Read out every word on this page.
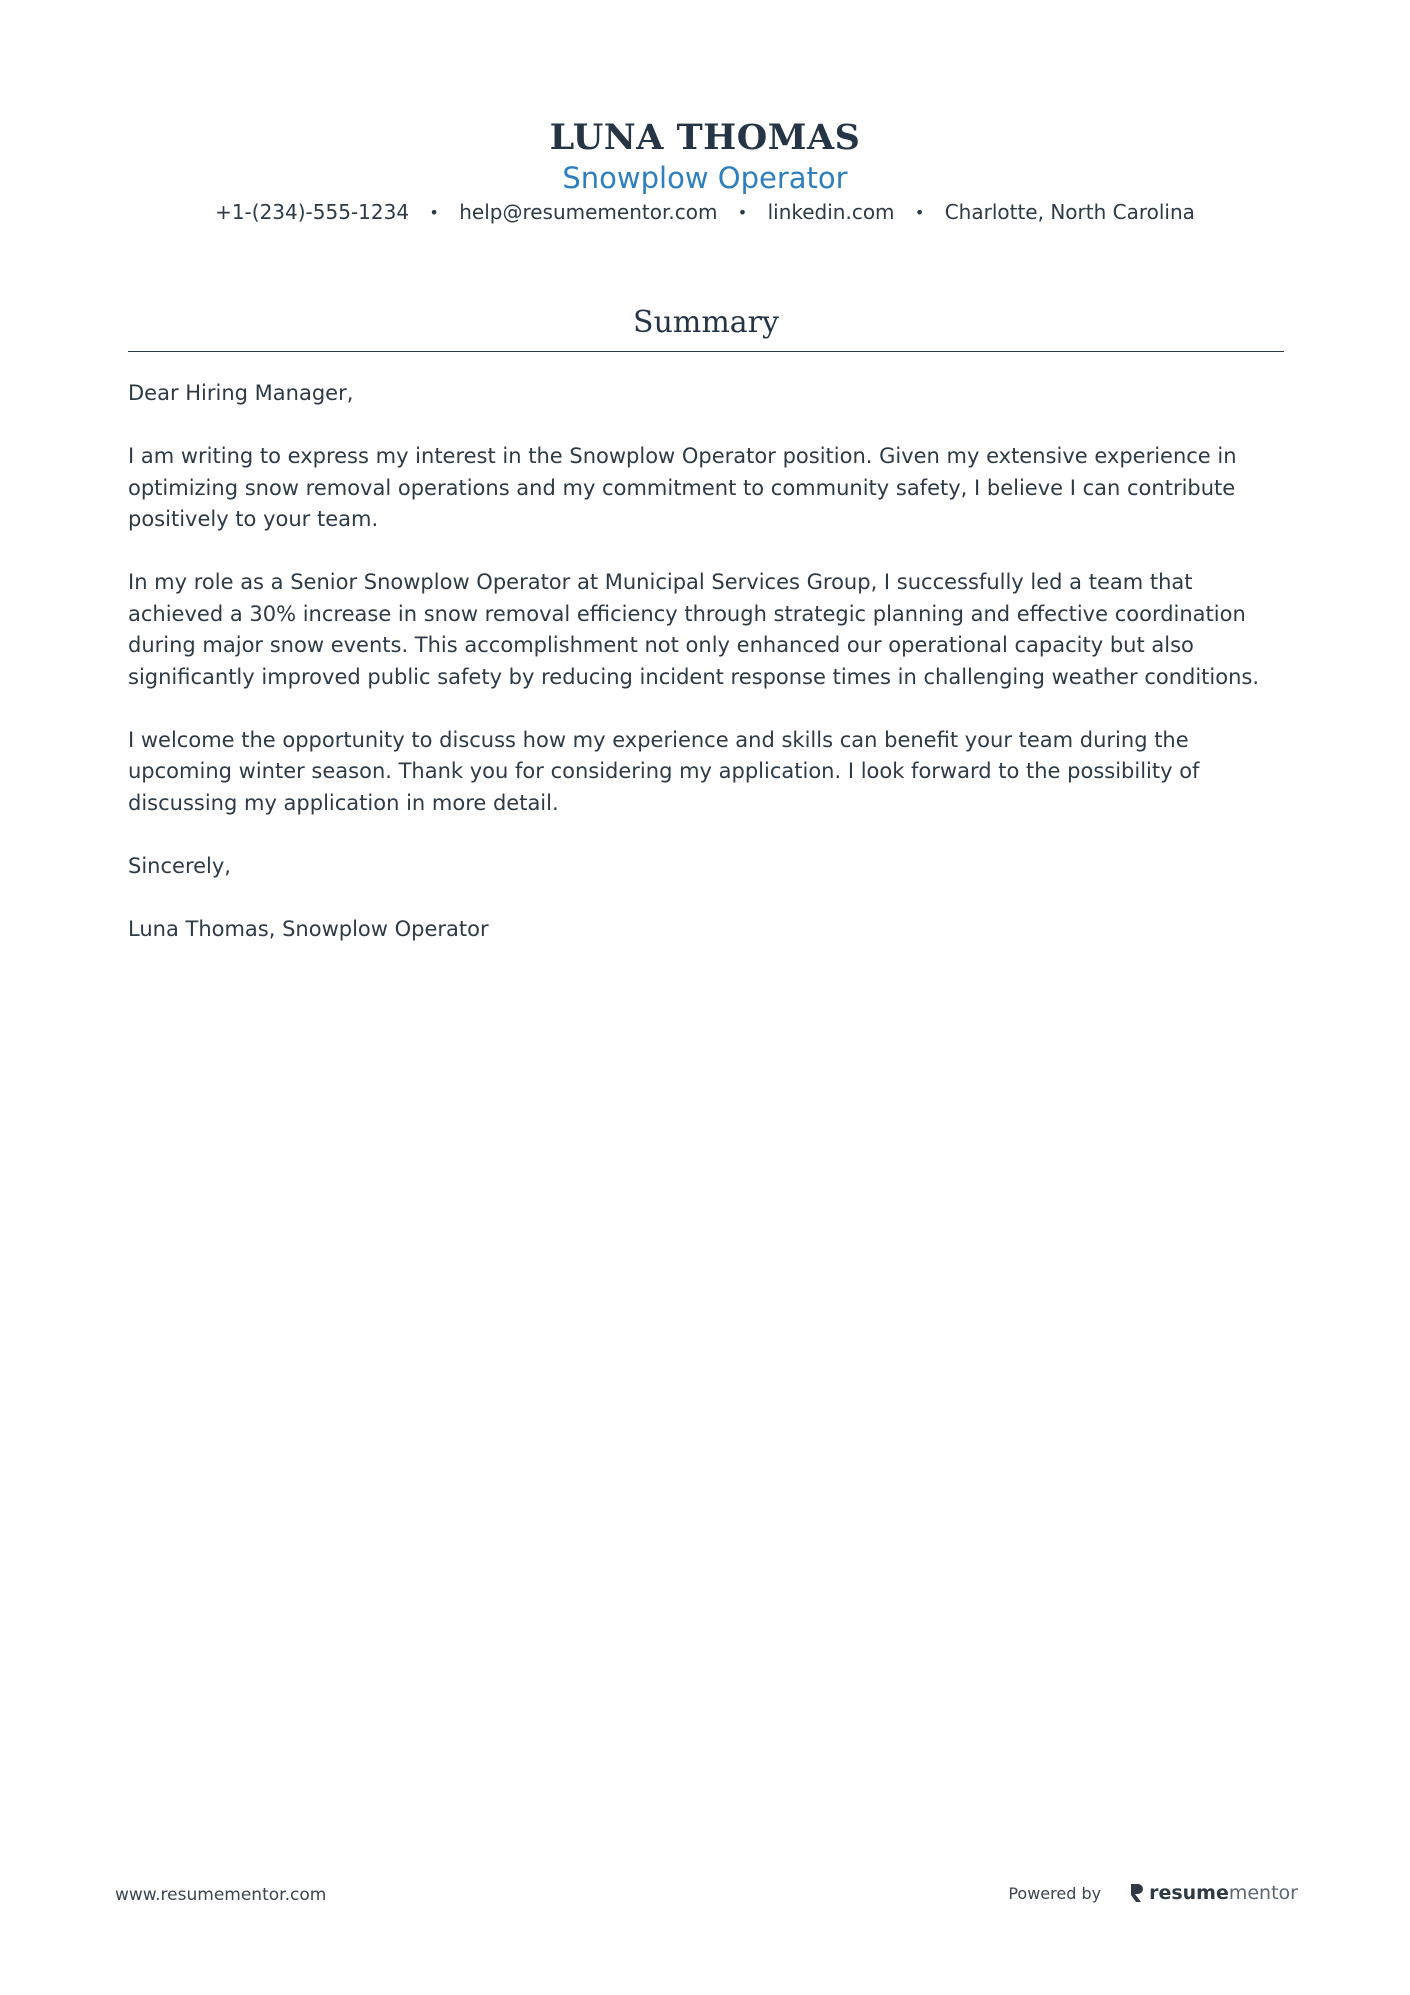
LUNA THOMAS
Snowplow Operator
+1-(234)-555-1234 • help@resumementor.com • linkedin.com • Charlotte, North Carolina
Summary

Dear Hiring Manager,

I am writing to express my interest in the Snowplow Operator position. Given my extensive experience in optimizing snow removal operations and my commitment to community safety, I believe I can contribute positively to your team.

In my role as a Senior Snowplow Operator at Municipal Services Group, I successfully led a team that achieved a 30% increase in snow removal efficiency through strategic planning and effective coordination during major snow events. This accomplishment not only enhanced our operational capacity but also significantly improved public safety by reducing incident response times in challenging weather conditions.

I welcome the opportunity to discuss how my experience and skills can benefit your team during the upcoming winter season. Thank you for considering my application. I look forward to the possibility of discussing my application in more detail.

Sincerely,

Luna Thomas, Snowplow Operator

www.resumementor.com	Powered by	resume mentor
